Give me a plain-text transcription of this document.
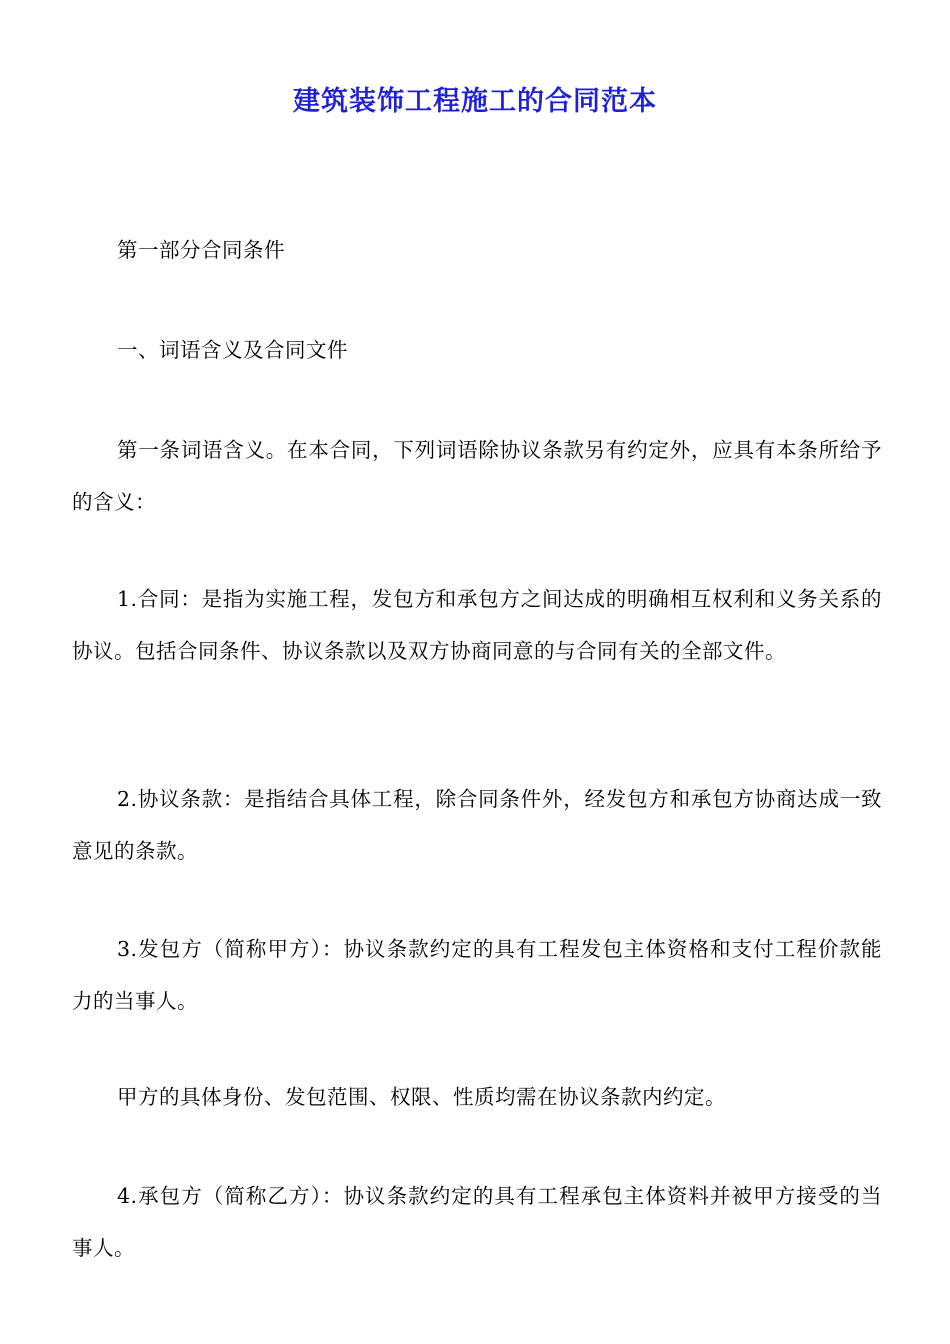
建筑装饰工程施工的合同范本

第一部分合同条件

一、词语含义及合同文件

第一条词语含义。在本合同，下列词语除协议条款另有约定外，应具有本条所给予的含义：

1.合同：是指为实施工程，发包方和承包方之间达成的明确相互权利和义务关系的协议。包括合同条件、协议条款以及双方协商同意的与合同有关的全部文件。

2.协议条款：是指结合具体工程，除合同条件外，经发包方和承包方协商达成一致意见的条款。

3.发包方（简称甲方）：协议条款约定的具有工程发包主体资格和支付工程价款能力的当事人。

甲方的具体身份、发包范围、权限、性质均需在协议条款内约定。

4.承包方（简称乙方）：协议条款约定的具有工程承包主体资料并被甲方接受的当事人。
